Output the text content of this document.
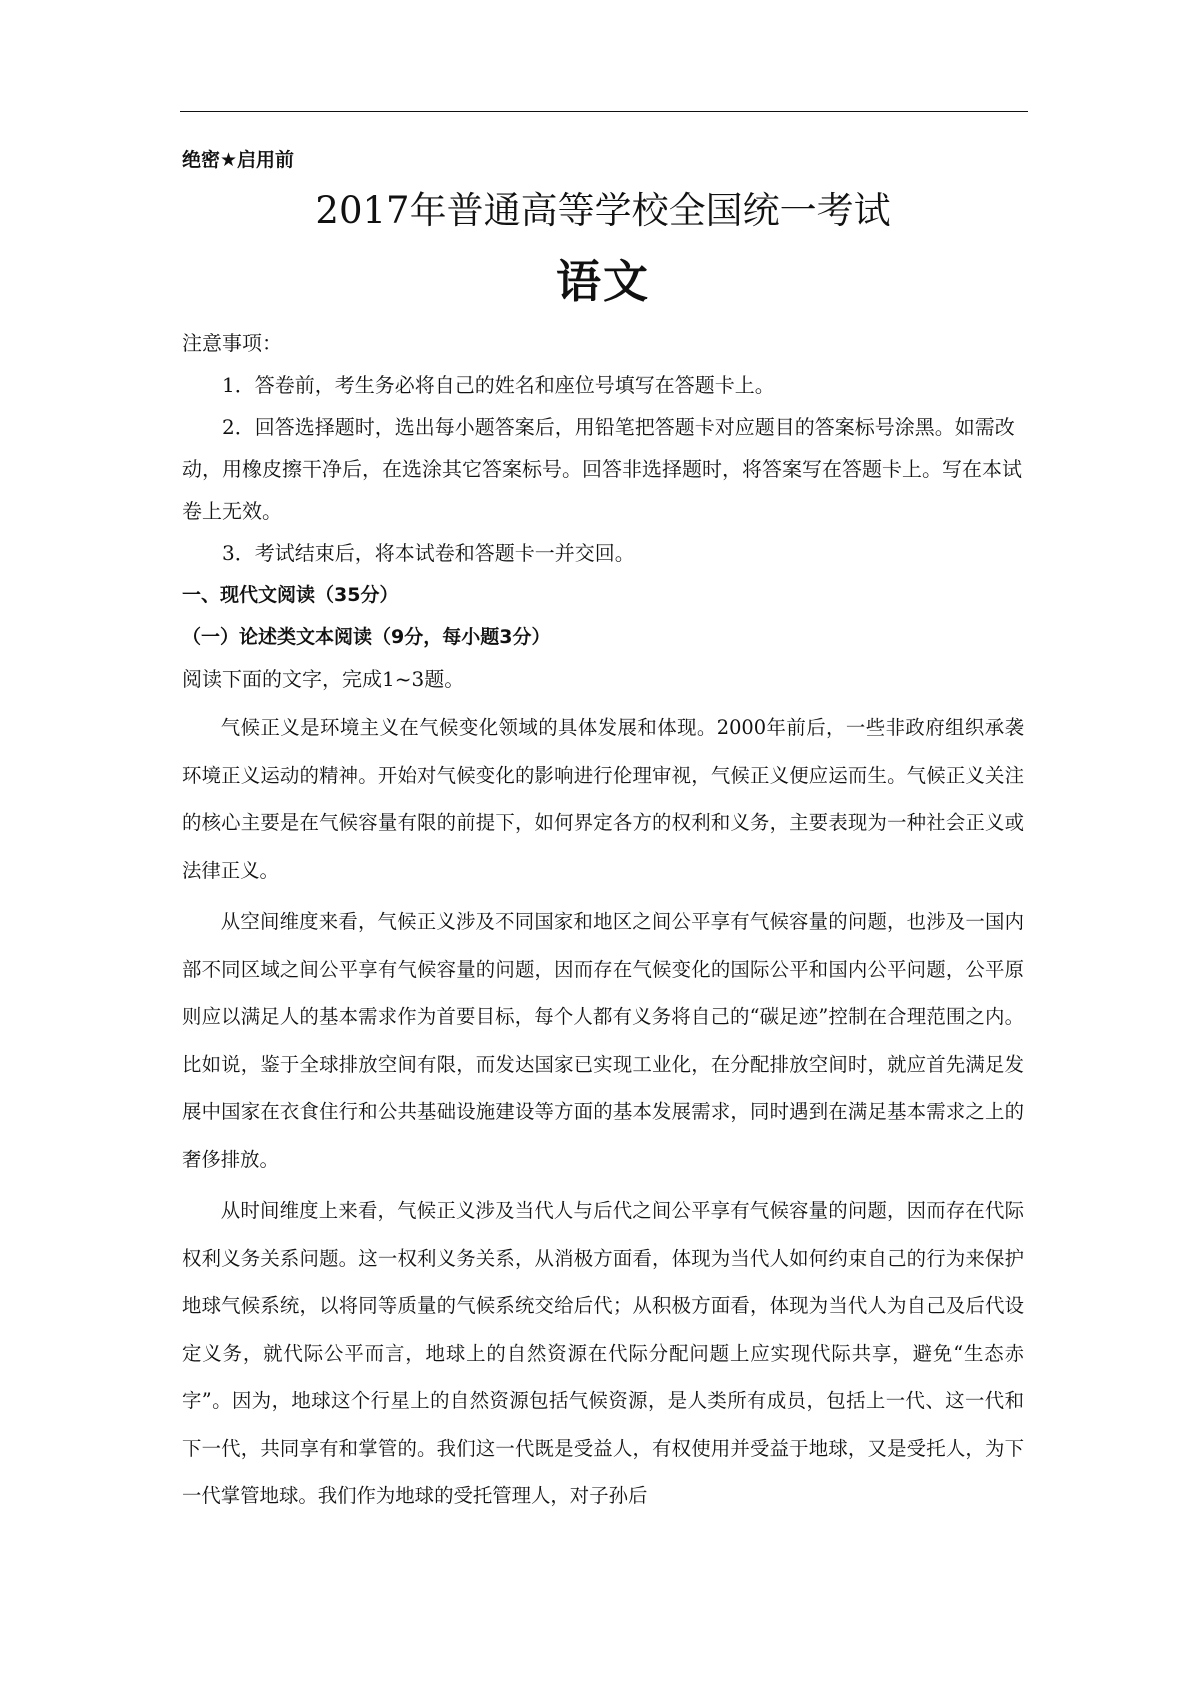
绝密★启用前
2017年普通高等学校全国统一考试
语文

注意事项：

1．答卷前，考生务必将自己的姓名和座位号填写在答题卡上。

2．回答选择题时，选出每小题答案后，用铅笔把答题卡对应题目的答案标号涂黑。如需改动，用橡皮擦干净后，在选涂其它答案标号。回答非选择题时，将答案写在答题卡上。写在本试卷上无效。

3．考试结束后，将本试卷和答题卡一并交回。

一、现代文阅读（35分）

（一）论述类文本阅读（9分，每小题3分）

阅读下面的文字，完成1~3题。

气候正义是环境主义在气候变化领域的具体发展和体现。2000年前后，一些非政府组织承袭环境正义运动的精神。开始对气候变化的影响进行伦理审视，气候正义便应运而生。气候正义关注的核心主要是在气候容量有限的前提下，如何界定各方的权利和义务，主要表现为一种社会正义或法律正义。

从空间维度来看，气候正义涉及不同国家和地区之间公平享有气候容量的问题，也涉及一国内部不同区域之间公平享有气候容量的问题，因而存在气候变化的国际公平和国内公平问题，公平原则应以满足人的基本需求作为首要目标，每个人都有义务将自己的“碳足迹”控制在合理范围之内。比如说，鉴于全球排放空间有限，而发达国家已实现工业化，在分配排放空间时，就应首先满足发展中国家在衣食住行和公共基础设施建设等方面的基本发展需求，同时遇到在满足基本需求之上的奢侈排放。

从时间维度上来看，气候正义涉及当代人与后代之间公平享有气候容量的问题，因而存在代际权利义务关系问题。这一权利义务关系，从消极方面看，体现为当代人如何约束自己的行为来保护地球气候系统，以将同等质量的气候系统交给后代；从积极方面看，体现为当代人为自己及后代设定义务，就代际公平而言，地球上的自然资源在代际分配问题上应实现代际共享，避免“生态赤字”。因为，地球这个行星上的自然资源包括气候资源，是人类所有成员，包括上一代、这一代和下一代，共同享有和掌管的。我们这一代既是受益人，有权使用并受益于地球，又是受托人，为下一代掌管地球。我们作为地球的受托管理人，对子孙后
